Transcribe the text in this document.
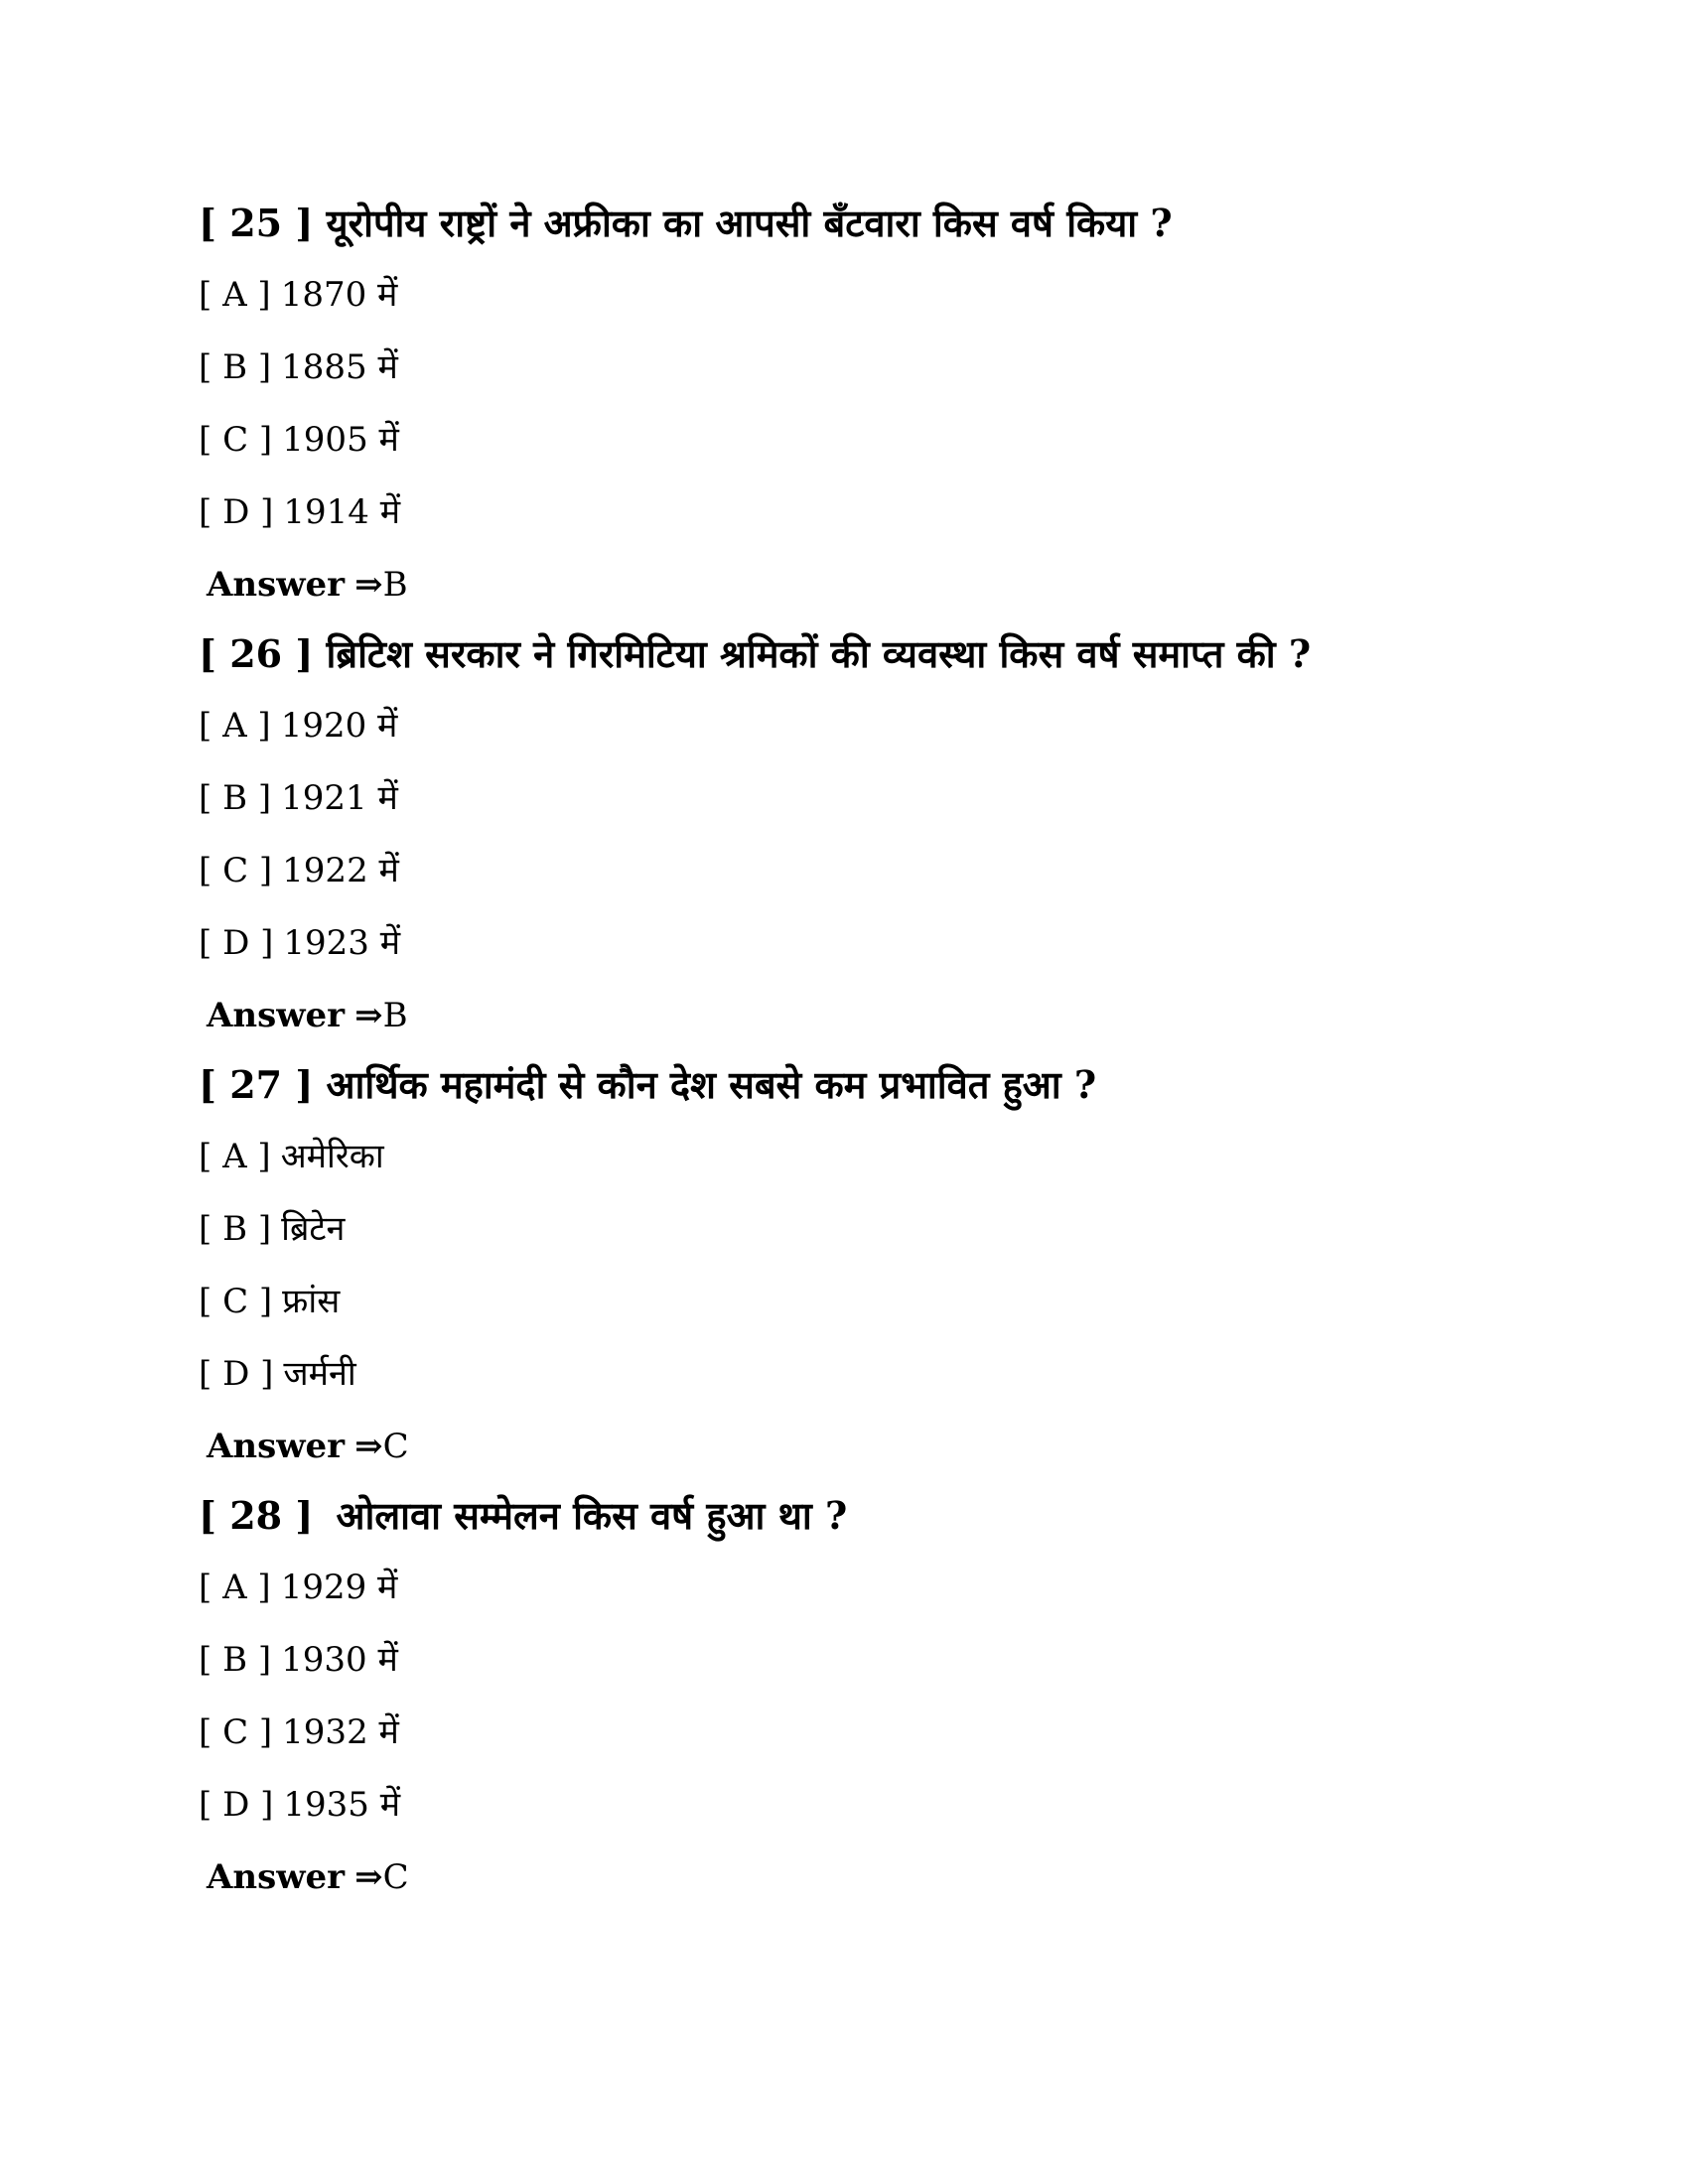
[ 25 ] यूरोपीय राष्ट्रों ने अफ्रीका का आपसी बँटवारा किस वर्ष किया ?
[ A ] 1870 में
[ B ] 1885 में
[ C ] 1905 में
[ D ] 1914 में
Answer ⇒B
[ 26 ] ब्रिटिश सरकार ने गिरमिटिया श्रमिकों की व्यवस्था किस वर्ष समाप्त की ?
[ A ] 1920 में
[ B ] 1921 में
[ C ] 1922 में
[ D ] 1923 में
Answer ⇒B
[ 27 ] आर्थिक महामंदी से कौन देश सबसे कम प्रभावित हुआ ?
[ A ] अमेरिका
[ B ] ब्रिटेन
[ C ] फ्रांस
[ D ] जर्मनी
Answer ⇒C
[ 28 ] ओलावा सम्मेलन किस वर्ष हुआ था ?
[ A ] 1929 में
[ B ] 1930 में
[ C ] 1932 में
[ D ] 1935 में
Answer ⇒C
